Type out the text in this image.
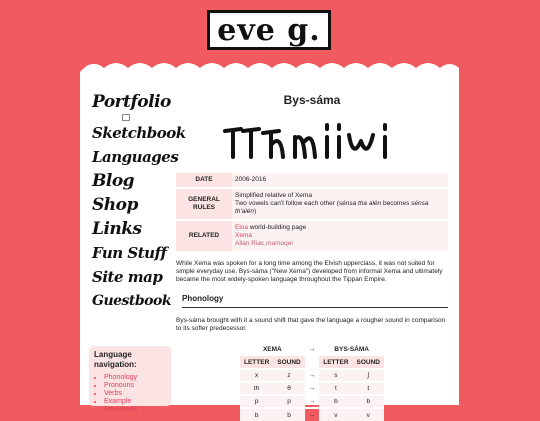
eve g.
Portfolio
Sketchbook
Languages
Blog
Shop
Links
Fun Stuff
Site map
Guestbook
Language navigation:
• Phonology
• Pronouns
• Verbs
• Example Sentences
Bys-sáma
DATE	2006-2016
GENERAL RULES	Simplified relative of Xema
Two vowels can't follow each other (sénsa tha alén becomes sénsa th'alén)
RELATED	Eloa world-building page
Xema
Allan Riac,mamoqei

While Xema was spoken for a long time among the Elvish upperclass, it was not suited for simple everyday use. Bys-sáma ("New Xema") developed from informal Xema and ultimately became the most widely-spoken language throughout the Tippan Empire.

Phonology

Bys-sáma brought with it a sound shift that gave the language a rougher sound in comparison to its softer predecessor.

XEMA		→	BYS-SÁMA	
LETTER	SOUND		LETTER	SOUND
x	z	→	s	ʃ
th	θ	→	t	t
p	p	→	b	b
b	b	→	v	v
